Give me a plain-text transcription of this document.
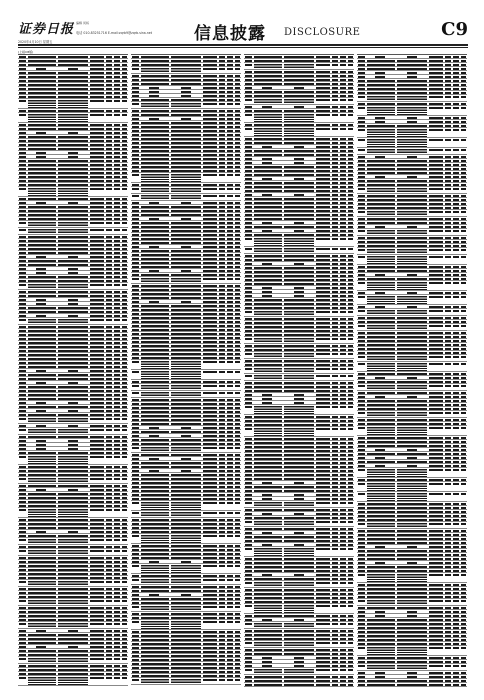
证券日报 编辑 何杨
电话 010-83251716 E-mail:zqrb9@zqrb.sina.net
2020年4月10日 星期五	信息披露 DISCLOSURE	C9
(上接C8版)
